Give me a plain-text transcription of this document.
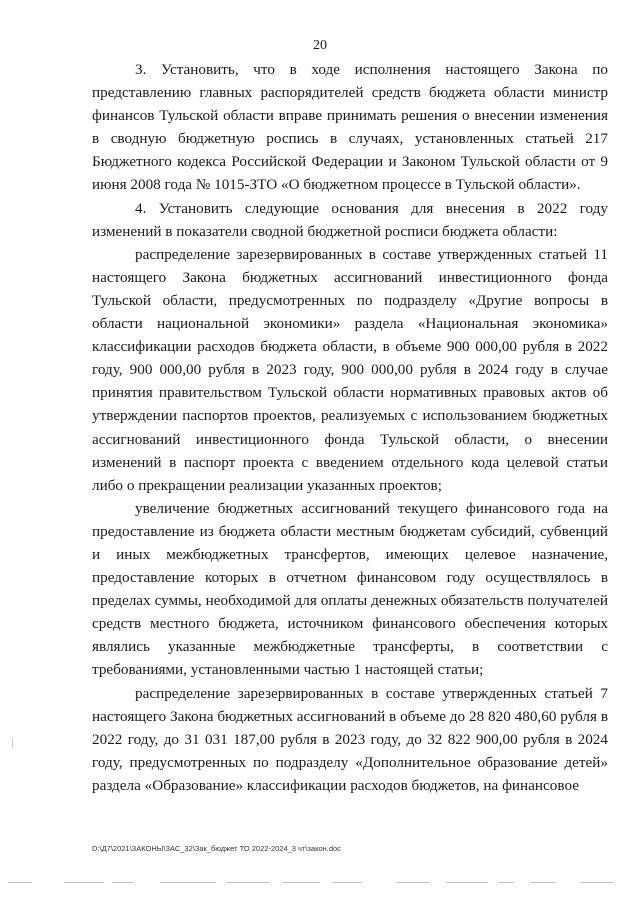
20

3. Установить, что в ходе исполнения настоящего Закона по представлению главных распорядителей средств бюджета области министр финансов Тульской области вправе принимать решения о внесении изменения в сводную бюджетную роспись в случаях, установленных статьей 217 Бюджетного кодекса Российской Федерации и Законом Тульской области от 9 июня 2008 года № 1015-ЗТО «О бюджетном процессе в Тульской области».

4. Установить следующие основания для внесения в 2022 году изменений в показатели сводной бюджетной росписи бюджета области:

распределение зарезервированных в составе утвержденных статьей 11 настоящего Закона бюджетных ассигнований инвестиционного фонда Тульской области, предусмотренных по подразделу «Другие вопросы в области национальной экономики» раздела «Национальная экономика» классификации расходов бюджета области, в объеме 900 000,00 рубля в 2022 году, 900 000,00 рубля в 2023 году, 900 000,00 рубля в 2024 году в случае принятия правительством Тульской области нормативных правовых актов об утверждении паспортов проектов, реализуемых с использованием бюджетных ассигнований инвестиционного фонда Тульской области, о внесении изменений в паспорт проекта с введением отдельного кода целевой статьи либо о прекращении реализации указанных проектов;

увеличение бюджетных ассигнований текущего финансового года на предоставление из бюджета области местным бюджетам субсидий, субвенций и иных межбюджетных трансфертов, имеющих целевое назначение, предоставление которых в отчетном финансовом году осуществлялось в пределах суммы, необходимой для оплаты денежных обязательств получателей средств местного бюджета, источником финансового обеспечения которых являлись указанные межбюджетные трансферты, в соответствии с требованиями, установленными частью 1 настоящей статьи;

распределение зарезервированных в составе утвержденных статьей 7 настоящего Закона бюджетных ассигнований в объеме до 28 820 480,60 рубля в 2022 году, до 31 031 187,00 рубля в 2023 году, до 32 822 900,00 рубля в 2024 году, предусмотренных по подразделу «Дополнительное образование детей» раздела «Образование» классификации расходов бюджетов, на финансовое

D:\Д7\2021\ЗАКОНЫ\ЗАС_32\Зак_бюджет ТО 2022-2024_3 чт\закон.doc
